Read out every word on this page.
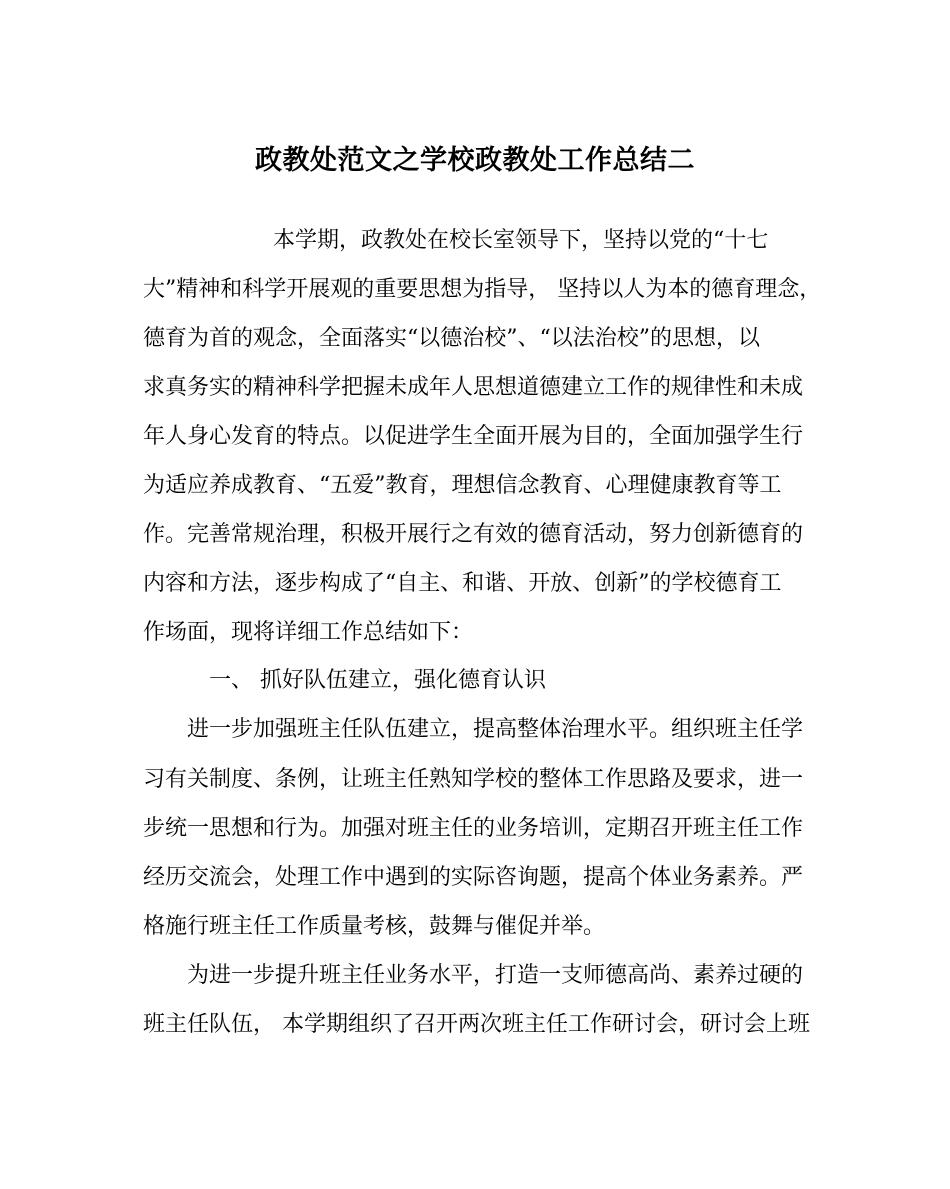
政教处范文之学校政教处工作总结二
本学期，政教处在校长室领导下，坚持以党的“十七
大”精神和科学开展观的重要思想为指导， 坚持以人为本的德育理念，
德育为首的观念，全面落实“以德治校”、“以法治校”的思想，以
求真务实的精神科学把握未成年人思想道德建立工作的规律性和未成
年人身心发育的特点。以促进学生全面开展为目的，全面加强学生行
为适应养成教育、“五爱”教育，理想信念教育、心理健康教育等工
作。完善常规治理，积极开展行之有效的德育活动，努力创新德育的
内容和方法，逐步构成了“自主、和谐、开放、创新”的学校德育工
作场面，现将详细工作总结如下：
一、 抓好队伍建立，强化德育认识
进一步加强班主任队伍建立，提高整体治理水平。组织班主任学
习有关制度、条例，让班主任熟知学校的整体工作思路及要求，进一
步统一思想和行为。加强对班主任的业务培训，定期召开班主任工作
经历交流会，处理工作中遇到的实际咨询题，提高个体业务素养。严
格施行班主任工作质量考核，鼓舞与催促并举。
为进一步提升班主任业务水平，打造一支师德高尚、素养过硬的
班主任队伍， 本学期组织了召开两次班主任工作研讨会，研讨会上班
